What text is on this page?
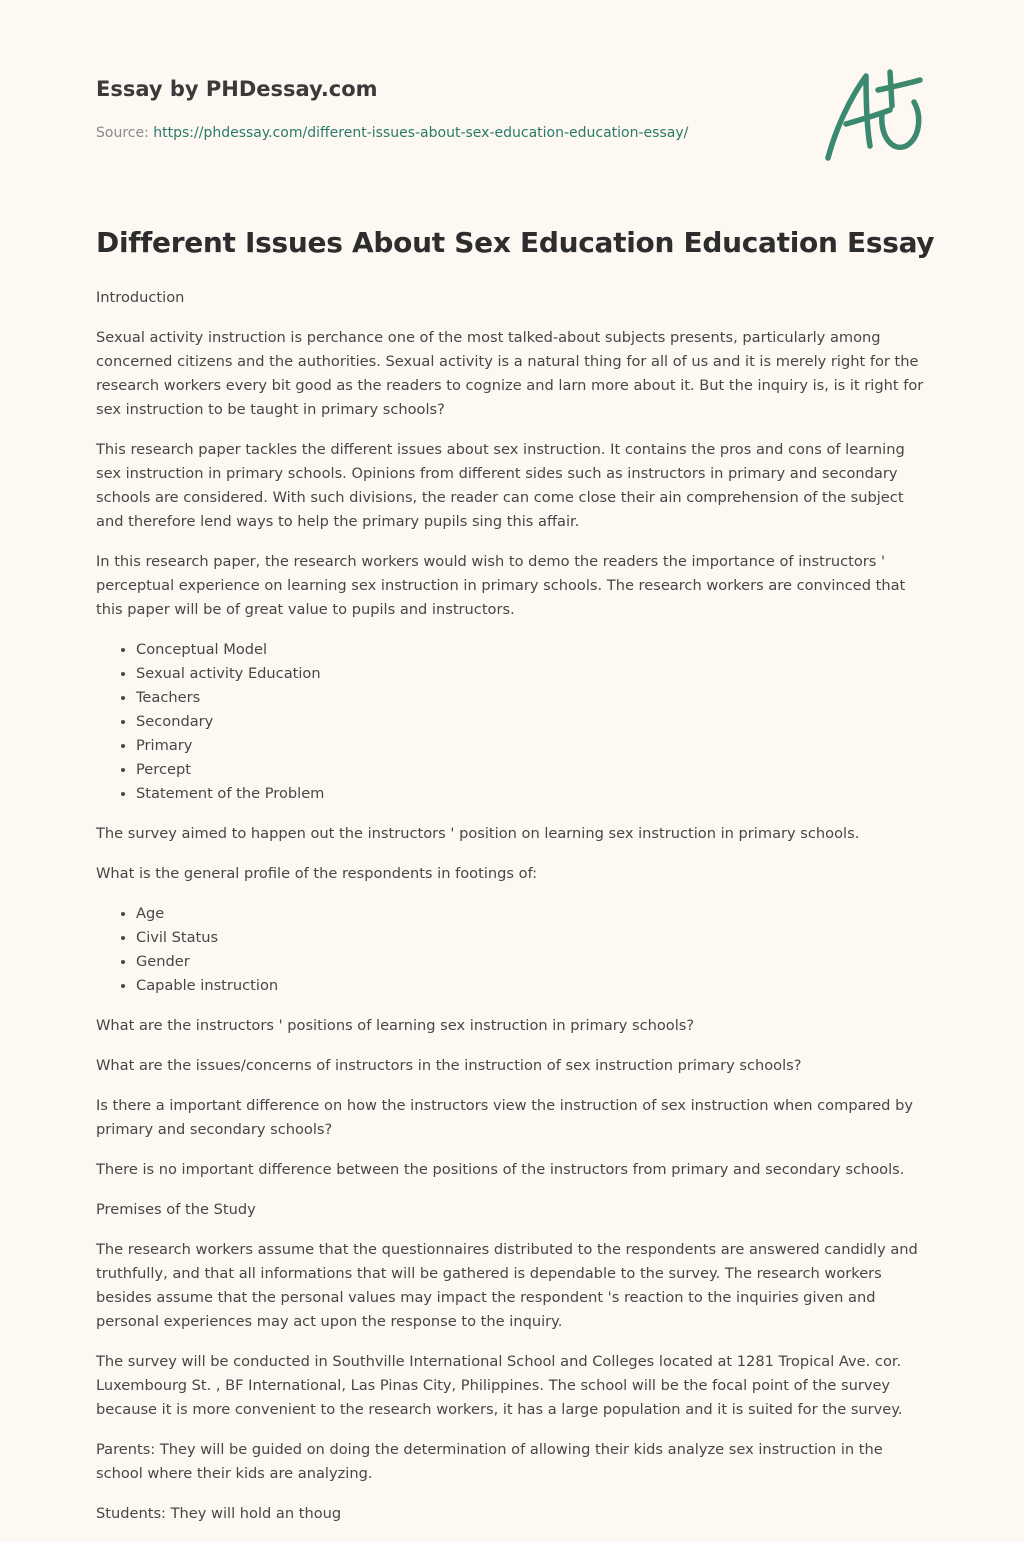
Essay by PHDessay.com
Source: https://phdessay.com/different-issues-about-sex-education-education-essay/
Different Issues About Sex Education Education Essay

Introduction

Sexual activity instruction is perchance one of the most talked-about subjects presents, particularly among concerned citizens and the authorities. Sexual activity is a natural thing for all of us and it is merely right for the research workers every bit good as the readers to cognize and larn more about it. But the inquiry is, is it right for sex instruction to be taught in primary schools?

This research paper tackles the different issues about sex instruction. It contains the pros and cons of learning sex instruction in primary schools. Opinions from different sides such as instructors in primary and secondary schools are considered. With such divisions, the reader can come close their ain comprehension of the subject and therefore lend ways to help the primary pupils sing this affair.

In this research paper, the research workers would wish to demo the readers the importance of instructors ' perceptual experience on learning sex instruction in primary schools. The research workers are convinced that this paper will be of great value to pupils and instructors.

• Conceptual Model
• Sexual activity Education
• Teachers
• Secondary
• Primary
• Percept
• Statement of the Problem

The survey aimed to happen out the instructors ' position on learning sex instruction in primary schools.

What is the general profile of the respondents in footings of:

• Age
• Civil Status
• Gender
• Capable instruction

What are the instructors ' positions of learning sex instruction in primary schools?

What are the issues/concerns of instructors in the instruction of sex instruction primary schools?

Is there a important difference on how the instructors view the instruction of sex instruction when compared by primary and secondary schools?

There is no important difference between the positions of the instructors from primary and secondary schools.

Premises of the Study

The research workers assume that the questionnaires distributed to the respondents are answered candidly and truthfully, and that all informations that will be gathered is dependable to the survey. The research workers besides assume that the personal values may impact the respondent 's reaction to the inquiries given and personal experiences may act upon the response to the inquiry.

The survey will be conducted in Southville International School and Colleges located at 1281 Tropical Ave. cor. Luxembourg St. , BF International, Las Pinas City, Philippines. The school will be the focal point of the survey because it is more convenient to the research workers, it has a large population and it is suited for the survey.

Parents: They will be guided on doing the determination of allowing their kids analyze sex instruction in the school where their kids are analyzing.

Students: They will hold an thoug
